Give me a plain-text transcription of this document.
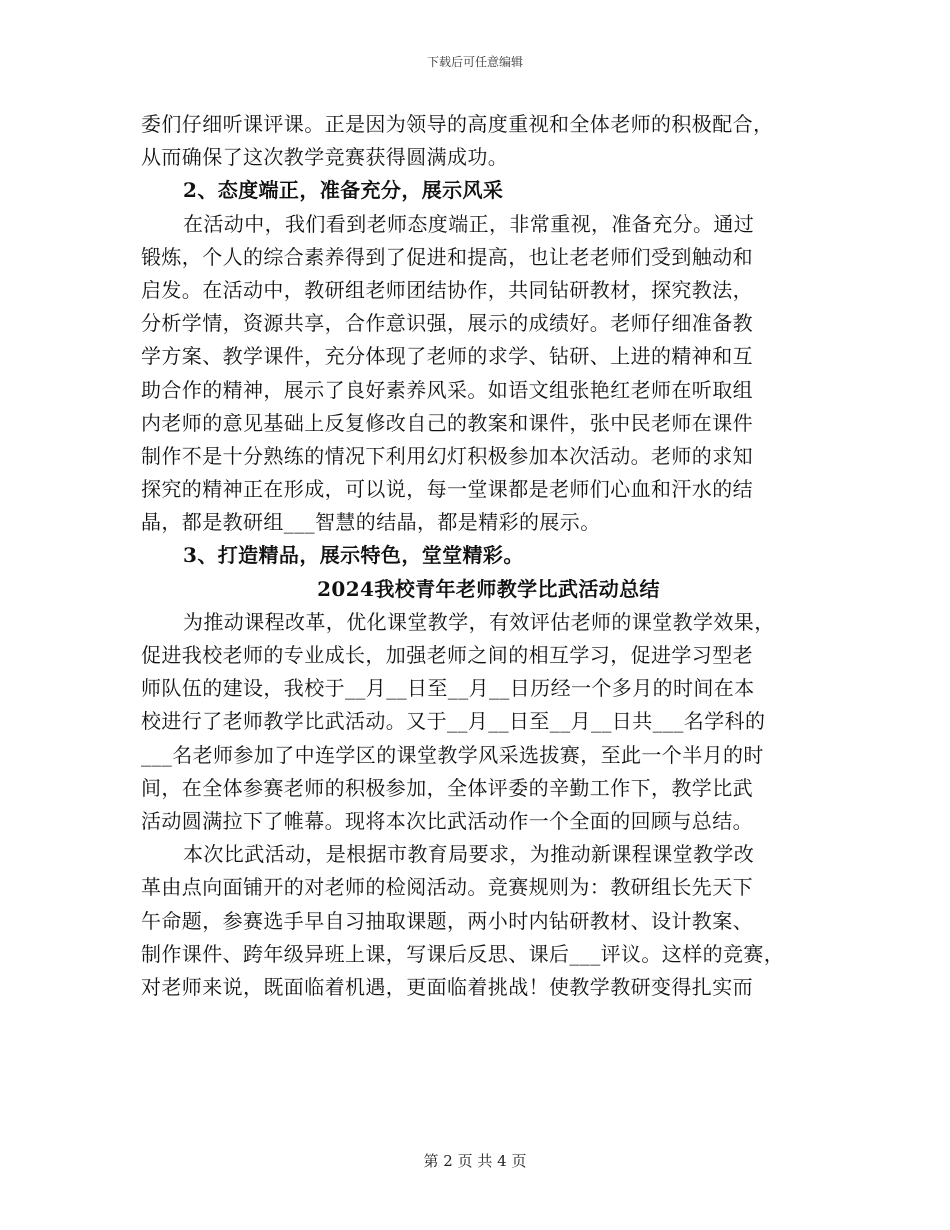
下载后可任意编辑
委们仔细听课评课。正是因为领导的高度重视和全体老师的积极配合，
从而确保了这次教学竞赛获得圆满成功。
2、态度端正，准备充分，展示风采
在活动中，我们看到老师态度端正，非常重视，准备充分。通过
锻炼，个人的综合素养得到了促进和提高，也让老老师们受到触动和
启发。在活动中，教研组老师团结协作，共同钻研教材，探究教法，
分析学情，资源共享，合作意识强，展示的成绩好。老师仔细准备教
学方案、教学课件，充分体现了老师的求学、钻研、上进的精神和互
助合作的精神，展示了良好素养风采。如语文组张艳红老师在听取组
内老师的意见基础上反复修改自己的教案和课件，张中民老师在课件
制作不是十分熟练的情况下利用幻灯积极参加本次活动。老师的求知
探究的精神正在形成，可以说，每一堂课都是老师们心血和汗水的结
晶，都是教研组___智慧的结晶，都是精彩的展示。
3、打造精品，展示特色，堂堂精彩。
2024我校青年老师教学比武活动总结
为推动课程改革，优化课堂教学，有效评估老师的课堂教学效果，
促进我校老师的专业成长，加强老师之间的相互学习，促进学习型老
师队伍的建设，我校于__月__日至__月__日历经一个多月的时间在本
校进行了老师教学比武活动。又于__月__日至__月__日共___名学科的
___名老师参加了中连学区的课堂教学风采选拔赛，至此一个半月的时
间，在全体参赛老师的积极参加，全体评委的辛勤工作下，教学比武
活动圆满拉下了帷幕。现将本次比武活动作一个全面的回顾与总结。
本次比武活动，是根据市教育局要求，为推动新课程课堂教学改
革由点向面铺开的对老师的检阅活动。竞赛规则为：教研组长先天下
午命题，参赛选手早自习抽取课题，两小时内钻研教材、设计教案、
制作课件、跨年级异班上课，写课后反思、课后___评议。这样的竞赛，
对老师来说，既面临着机遇，更面临着挑战！使教学教研变得扎实而
第 2 页 共 4 页
